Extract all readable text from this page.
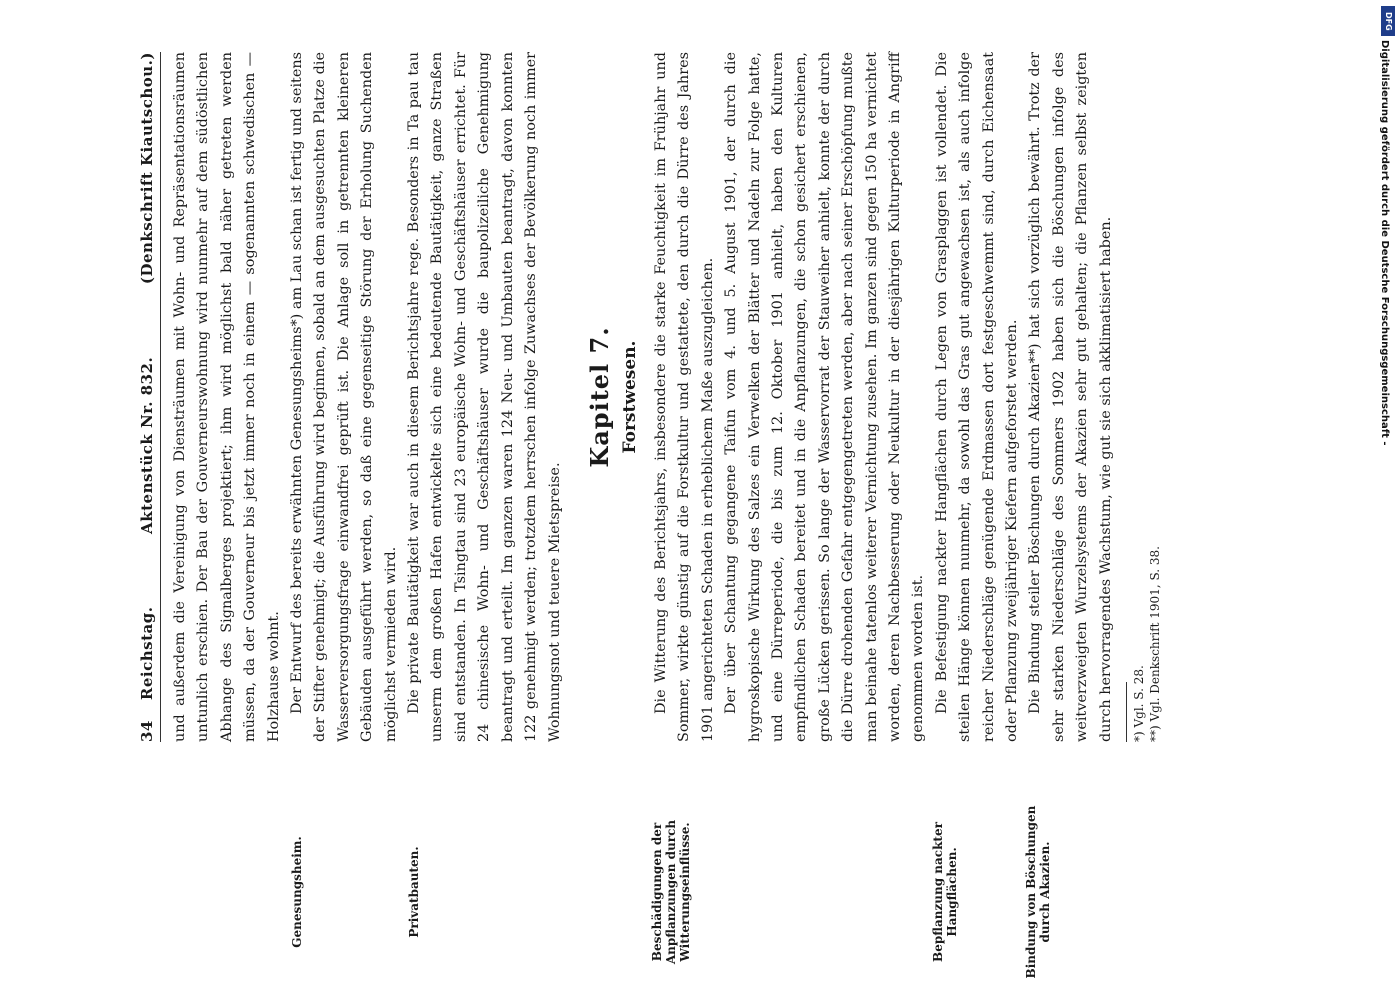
34
Reichstag.
Aktenstück Nr. 832.
(Denkschrift Kiautschou.) und außerdem die Vereinigung von Diensträumen mit Wohn- und Repräsentationsräumen untunlich erschien. Der Bau der Gouverneurswohnung wird nunmehr auf dem südöstlichen Abhange des Signalberges projektiert; ihm wird möglichst bald näher getreten werden müssen, da der Gouverneur bis jetzt immer noch in einem — sogenannten schwedischen — Holzhause wohnt.

Genesungsheim.

Der Entwurf des bereits erwähnten Genesungsheims*) am Lau schan ist fertig und seitens der Stifter genehmigt; die Ausführung wird beginnen, sobald an dem ausgesuchten Platze die Wasserversorgungsfrage einwandfrei geprüft ist. Die Anlage soll in getrennten kleineren Gebäuden ausgeführt werden, so daß eine gegenseitige Störung der Erholung Suchenden möglichst vermieden wird.

Privatbauten.

Die private Bautätigkeit war auch in diesem Berichtsjahre rege. Besonders in Ta pau tau unserm dem großen Hafen entwickelte sich eine bedeutende Bautätigkeit, ganze Straßen sind entstanden. In Tsingtau sind 23 europäische Wohn- und Geschäftshäuser errichtet. Für 24 chinesische Wohn- und Geschäftshäuser wurde die baupolizeiliche Genehmigung beantragt und erteilt. Im ganzen waren 124 Neu- und Umbauten beantragt, davon konnten 122 genehmigt werden; trotzdem herrschen infolge Zuwachses der Bevölkerung noch immer Wohnungsnot und teuere Mietspreise.

Kapitel 7. Forstwesen.
Beschädigungen der Anpflanzungen durch Witterungseinflüsse.

Die Witterung des Berichtsjahrs, insbesondere die starke Feuchtigkeit im Frühjahr und Sommer, wirkte günstig auf die Forstkultur und gestattete, den durch die Dürre des Jahres 1901 angerichteten Schaden in erheblichem Maße auszugleichen. Der über Schantung gegangene Taifun vom 4. und 5. August 1901, der durch die hygroskopische Wirkung des Salzes ein Verwelken der Blätter und Nadeln zur Folge hatte, und eine Dürreperiode, die bis zum 12. Oktober 1901 anhielt, haben den Kulturen empfindlichen Schaden bereitet und in die Anpflanzungen, die schon gesichert erschienen, große Lücken gerissen. So lange der Wasservorrat der Stauweiher anhielt, konnte der durch die Dürre drohenden Gefahr entgegengetreten werden, aber nach seiner Erschöpfung mußte man beinahe tatenlos weiterer Vernichtung zusehen. Im ganzen sind gegen 150 ha vernichtet worden, deren Nachbesserung oder Neukultur in der diesjährigen Kulturperiode in Angriff genommen worden ist.

Bepflanzung nackter Hangflächen.

Die Befestigung nackter Hangflächen durch Legen von Grasplaggen ist vollendet. Die steilen Hänge können nunmehr, da sowohl das Gras gut angewachsen ist, als auch infolge reicher Niederschläge genügende Erdmassen dort festgeschwemmt sind, durch Eichensaat oder Pflanzung zweijähriger Kiefern aufgeforstet werden.

Bindung von Böschungen durch Akazien.

Die Bindung steiler Böschungen durch Akazien**) hat sich vorzüglich bewährt. Trotz der sehr starken Niederschläge des Sommers 1902 haben sich die Böschungen infolge des weitverzweigten Wurzelsystems der Akazien sehr gut gehalten; die Pflanzen selbst zeigten durch hervorragendes Wachstum, wie gut sie sich akklimatisiert haben.	*) Vgl. S. 28. **) Vgl. Denkschrift 1901, S. 38.

DFG
Digitalisierung gefördert durch die Deutsche Forschungsgemeinschaft -
